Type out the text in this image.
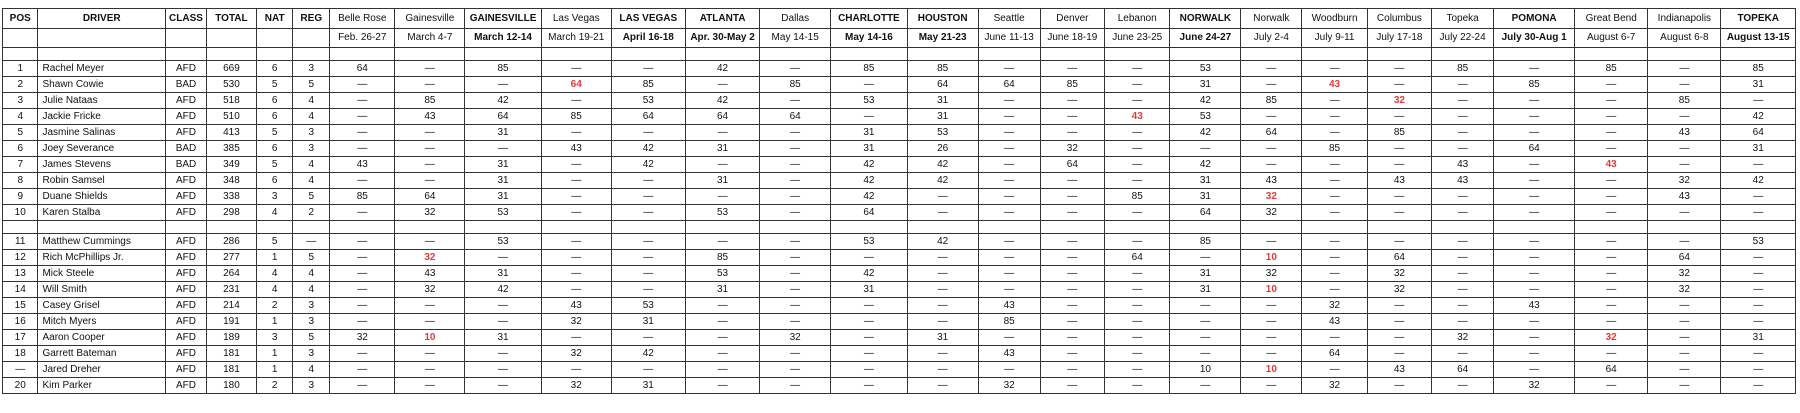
POS	DRIVER	CLASS	TOTAL	NAT	REG	Belle Rose	Gainesville	GAINESVILLE	Las Vegas	LAS VEGAS	ATLANTA	Dallas	CHARLOTTE	HOUSTON	Seattle	Denver	Lebanon	NORWALK	Norwalk	Woodburn	Columbus	Topeka	POMONA	Great Bend	Indianapolis	TOPEKA
						Feb. 26-27	March 4-7	March 12-14	March 19-21	April 16-18	Apr. 30-May 2	May 14-15	May 14-16	May 21-23	June 11-13	June 18-19	June 23-25	June 24-27	July 2-4	July 9-11	July 17-18	July 22-24	July 30-Aug 1	August 6-7	August 6-8	August 13-15

1	Rachel Meyer	AFD	669	6	3	64	—	85	—	—	42	—	85	85	—	—	—	53	—	—	—	85	—	85	—	85
2	Shawn Cowie	BAD	530	5	5	—	—	—	64	85	—	85	—	64	64	85	—	31	—	43	—	—	85	—	—	31
3	Julie Nataas	AFD	518	6	4	—	85	42	—	53	42	—	53	31	—	—	—	42	85	—	32	—	—	—	85	—
4	Jackie Fricke	AFD	510	6	4	—	43	64	85	64	64	64	—	31	—	—	43	53	—	—	—	—	—	—	—	42
5	Jasmine Salinas	AFD	413	5	3	—	—	31	—	—	—	—	31	53	—	—	—	42	64	—	85	—	—	—	43	64
6	Joey Severance	BAD	385	6	3	—	—	—	43	42	31	—	31	26	—	32	—	—	—	85	—	—	64	—	—	31
7	James Stevens	BAD	349	5	4	43	—	31	—	42	—	—	42	42	—	64	—	42	—	—	—	43	—	43	—	—
8	Robin Samsel	AFD	348	6	4	—	—	31	—	—	31	—	42	42	—	—	—	31	43	—	43	43	—	—	32	42
9	Duane Shields	AFD	338	3	5	85	64	31	—	—	—	—	42	—	—	—	85	31	32	—	—	—	—	—	43	—
10	Karen Stalba	AFD	298	4	2	—	32	53	—	—	53	—	64	—	—	—	—	64	32	—	—	—	—	—	—	—

11	Matthew Cummings	AFD	286	5	—	—	—	53	—	—	—	—	53	42	—	—	—	85	—	—	—	—	—	—	—	53
12	Rich McPhillips Jr.	AFD	277	1	5	—	32	—	—	—	85	—	—	—	—	—	64	—	10	—	64	—	—	—	64	—
13	Mick Steele	AFD	264	4	4	—	43	31	—	—	53	—	42	—	—	—	—	31	32	—	32	—	—	—	32	—
14	Will Smith	AFD	231	4	4	—	32	42	—	—	31	—	31	—	—	—	—	31	10	—	32	—	—	—	32	—
15	Casey Grisel	AFD	214	2	3	—	—	—	43	53	—	—	—	—	43	—	—	—	—	32	—	—	43	—	—	—
16	Mitch Myers	AFD	191	1	3	—	—	—	32	31	—	—	—	—	85	—	—	—	—	43	—	—	—	—	—	—
17	Aaron Cooper	AFD	189	3	5	32	10	31	—	—	—	32	—	31	—	—	—	—	—	—	—	32	—	32	—	31
18	Garrett Bateman	AFD	181	1	3	—	—	—	32	42	—	—	—	—	43	—	—	—	—	64	—	—	—	—	—	—
—	Jared Dreher	AFD	181	1	4	—	—	—	—	—	—	—	—	—	—	—	—	10	10	—	43	64	—	64	—	—
20	Kim Parker	AFD	180	2	3	—	—	—	32	31	—	—	—	—	32	—	—	—	—	32	—	—	32	—	—	—
